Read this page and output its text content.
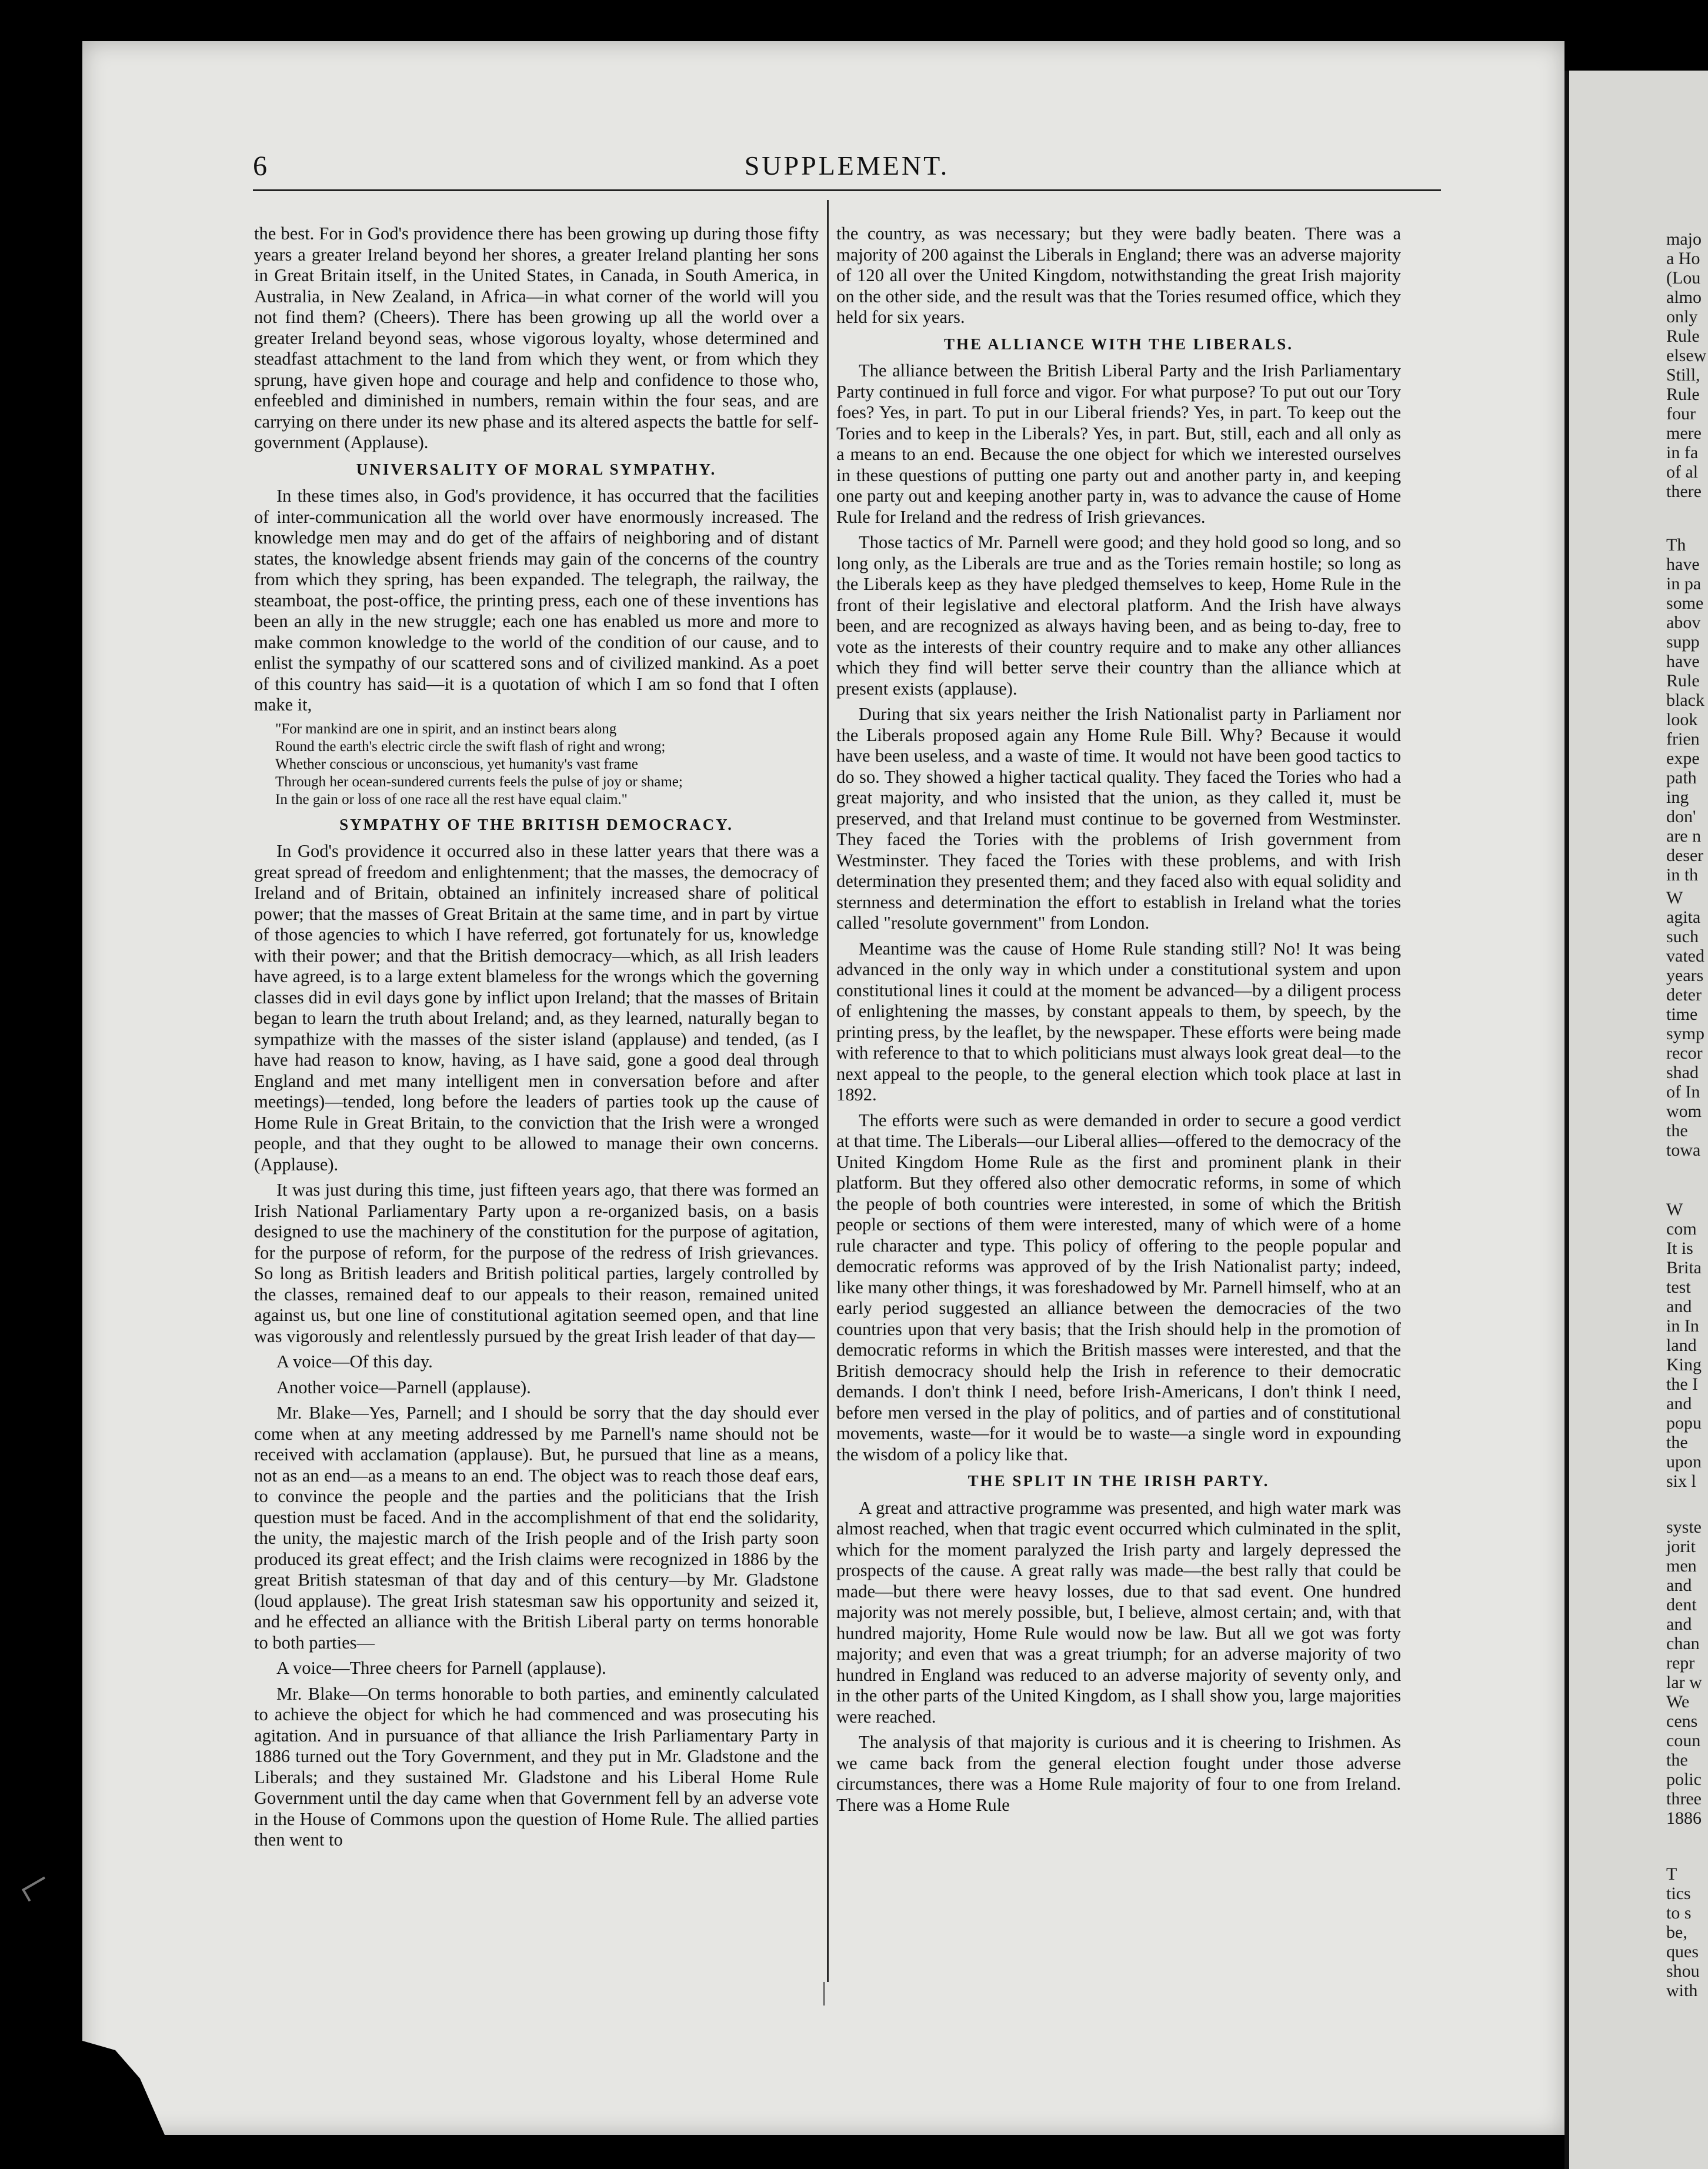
majo
a Ho
(Lou
almo
only
Rule
elsew
Still,
Rule
four
mere
in fa
of al
there
Th
have
in pa
some
abov
supp
have
Rule
black
look
frien
expe
path
ing
don'
are n
deser
in th
W
agita
such
vated
years
deter
time
symp
recor
shad
of In
wom
the
towa
W
com
It is
Brita
test
and
in In
land
King
the I
and
popu
the
upon
six l
syste
jorit
men
and
dent
and
chan
repr
lar w
We
cens
coun
the
polic
three
1886
T
tics
to s
be,
ques
shou
with
6	SUPPLEMENT.

the best. For in God's providence there has been growing up during those fifty years a greater Ireland beyond her shores, a greater Ireland planting her sons in Great Britain itself, in the United States, in Canada, in South America, in Australia, in New Zealand, in Africa—in what corner of the world will you not find them? (Cheers). There has been growing up all the world over a greater Ireland beyond seas, whose vigorous loyalty, whose determined and steadfast attachment to the land from which they went, or from which they sprung, have given hope and courage and help and confidence to those who, enfeebled and diminished in numbers, remain within the four seas, and are carrying on there under its new phase and its altered aspects the battle for self-government (Applause).

UNIVERSALITY OF MORAL SYMPATHY.

In these times also, in God's providence, it has occurred that the facilities of inter-communication all the world over have enormously increased. The knowledge men may and do get of the affairs of neighboring and of distant states, the knowledge absent friends may gain of the concerns of the country from which they spring, has been expanded. The telegraph, the railway, the steamboat, the post-office, the printing press, each one of these inventions has been an ally in the new struggle; each one has enabled us more and more to make common knowledge to the world of the condition of our cause, and to enlist the sympathy of our scattered sons and of civilized mankind. As a poet of this country has said—it is a quotation of which I am so fond that I often make it,

"For mankind are one in spirit, and an instinct bears along
Round the earth's electric circle the swift flash of right and wrong;
Whether conscious or unconscious, yet humanity's vast frame
Through her ocean-sundered currents feels the pulse of joy or shame;
In the gain or loss of one race all the rest have equal claim."
SYMPATHY OF THE BRITISH DEMOCRACY.

In God's providence it occurred also in these latter years that there was a great spread of freedom and enlightenment; that the masses, the democracy of Ireland and of Britain, obtained an infinitely increased share of political power; that the masses of Great Britain at the same time, and in part by virtue of those agencies to which I have referred, got fortunately for us, knowledge with their power; and that the British democracy—which, as all Irish leaders have agreed, is to a large extent blameless for the wrongs which the governing classes did in evil days gone by inflict upon Ireland; that the masses of Britain began to learn the truth about Ireland; and, as they learned, naturally began to sympathize with the masses of the sister island (applause) and tended, (as I have had reason to know, having, as I have said, gone a good deal through England and met many intelligent men in conversation before and after meetings)—tended, long before the leaders of parties took up the cause of Home Rule in Great Britain, to the conviction that the Irish were a wronged people, and that they ought to be allowed to manage their own concerns. (Applause).

It was just during this time, just fifteen years ago, that there was formed an Irish National Parliamentary Party upon a re-organized basis, on a basis designed to use the machinery of the constitution for the purpose of agitation, for the purpose of reform, for the purpose of the redress of Irish grievances. So long as British leaders and British political parties, largely controlled by the classes, remained deaf to our appeals to their reason, remained united against us, but one line of constitutional agitation seemed open, and that line was vigorously and relentlessly pursued by the great Irish leader of that day—

A voice—Of this day.

Another voice—Parnell (applause).

Mr. Blake—Yes, Parnell; and I should be sorry that the day should ever come when at any meeting addressed by me Parnell's name should not be received with acclamation (applause). But, he pursued that line as a means, not as an end—as a means to an end. The object was to reach those deaf ears, to convince the people and the parties and the politicians that the Irish question must be faced. And in the accomplishment of that end the solidarity, the unity, the majestic march of the Irish people and of the Irish party soon produced its great effect; and the Irish claims were recognized in 1886 by the great British statesman of that day and of this century—by Mr. Gladstone (loud applause). The great Irish statesman saw his opportunity and seized it, and he effected an alliance with the British Liberal party on terms honorable to both parties—

A voice—Three cheers for Parnell (applause).

Mr. Blake—On terms honorable to both parties, and eminently calculated to achieve the object for which he had commenced and was prosecuting his agitation. And in pursuance of that alliance the Irish Parliamentary Party in 1886 turned out the Tory Government, and they put in Mr. Gladstone and the Liberals; and they sustained Mr. Gladstone and his Liberal Home Rule Government until the day came when that Government fell by an adverse vote in the House of Commons upon the question of Home Rule. The allied parties then went to

the country, as was necessary; but they were badly beaten. There was a majority of 200 against the Liberals in England; there was an adverse majority of 120 all over the United Kingdom, notwithstanding the great Irish majority on the other side, and the result was that the Tories resumed office, which they held for six years.

THE ALLIANCE WITH THE LIBERALS.

The alliance between the British Liberal Party and the Irish Parliamentary Party continued in full force and vigor. For what purpose? To put out our Tory foes? Yes, in part. To put in our Liberal friends? Yes, in part. To keep out the Tories and to keep in the Liberals? Yes, in part. But, still, each and all only as a means to an end. Because the one object for which we interested ourselves in these questions of putting one party out and another party in, and keeping one party out and keeping another party in, was to advance the cause of Home Rule for Ireland and the redress of Irish grievances.

Those tactics of Mr. Parnell were good; and they hold good so long, and so long only, as the Liberals are true and as the Tories remain hostile; so long as the Liberals keep as they have pledged themselves to keep, Home Rule in the front of their legislative and electoral platform. And the Irish have always been, and are recognized as always having been, and as being to-day, free to vote as the interests of their country require and to make any other alliances which they find will better serve their country than the alliance which at present exists (applause).

During that six years neither the Irish Nationalist party in Parliament nor the Liberals proposed again any Home Rule Bill. Why? Because it would have been useless, and a waste of time. It would not have been good tactics to do so. They showed a higher tactical quality. They faced the Tories who had a great majority, and who insisted that the union, as they called it, must be preserved, and that Ireland must continue to be governed from Westminster. They faced the Tories with the problems of Irish government from Westminster. They faced the Tories with these problems, and with Irish determination they presented them; and they faced also with equal solidity and sternness and determination the effort to establish in Ireland what the tories called "resolute government" from London.

Meantime was the cause of Home Rule standing still? No! It was being advanced in the only way in which under a constitutional system and upon constitutional lines it could at the moment be advanced—by a diligent process of enlightening the masses, by constant appeals to them, by speech, by the printing press, by the leaflet, by the newspaper. These efforts were being made with reference to that to which politicians must always look great deal—to the next appeal to the people, to the general election which took place at last in 1892.

The efforts were such as were demanded in order to secure a good verdict at that time. The Liberals—our Liberal allies—offered to the democracy of the United Kingdom Home Rule as the first and prominent plank in their platform. But they offered also other democratic reforms, in some of which the people of both countries were interested, in some of which the British people or sections of them were interested, many of which were of a home rule character and type. This policy of offering to the people popular and democratic reforms was approved of by the Irish Nationalist party; indeed, like many other things, it was foreshadowed by Mr. Parnell himself, who at an early period suggested an alliance between the democracies of the two countries upon that very basis; that the Irish should help in the promotion of democratic reforms in which the British masses were interested, and that the British democracy should help the Irish in reference to their democratic demands. I don't think I need, before Irish-Americans, I don't think I need, before men versed in the play of politics, and of parties and of constitutional movements, waste—for it would be to waste—a single word in expounding the wisdom of a policy like that.

THE SPLIT IN THE IRISH PARTY.

A great and attractive programme was presented, and high water mark was almost reached, when that tragic event occurred which culminated in the split, which for the moment paralyzed the Irish party and largely depressed the prospects of the cause. A great rally was made—the best rally that could be made—but there were heavy losses, due to that sad event. One hundred majority was not merely possible, but, I believe, almost certain; and, with that hundred majority, Home Rule would now be law. But all we got was forty majority; and even that was a great triumph; for an adverse majority of two hundred in England was reduced to an adverse majority of seventy only, and in the other parts of the United Kingdom, as I shall show you, large majorities were reached.

The analysis of that majority is curious and it is cheering to Irishmen. As we came back from the general election fought under those adverse circumstances, there was a Home Rule majority of four to one from Ireland. There was a Home Rule
